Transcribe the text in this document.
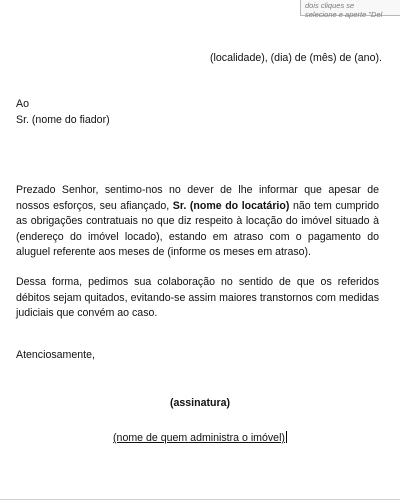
dois cliques se
selecione e aperte "Del
(localidade), (dia) de (mês) de (ano).
Ao
Sr. (nome do fiador)
Prezado Senhor, sentimo-nos no dever de lhe informar que apesar de nossos esforços, seu afiançado, Sr. (nome do locatário) não tem cumprido as obrigações contratuais no que diz respeito à locação do imóvel situado à (endereço do imóvel locado), estando em atraso com o pagamento do aluguel referente aos meses de (informe os meses em atraso).
Dessa forma, pedimos sua colaboração no sentido de que os referidos débitos sejam quitados, evitando-se assim maiores transtornos com medidas judiciais que convém ao caso.
Atenciosamente,
(assinatura)
(nome de quem administra o imóvel)
